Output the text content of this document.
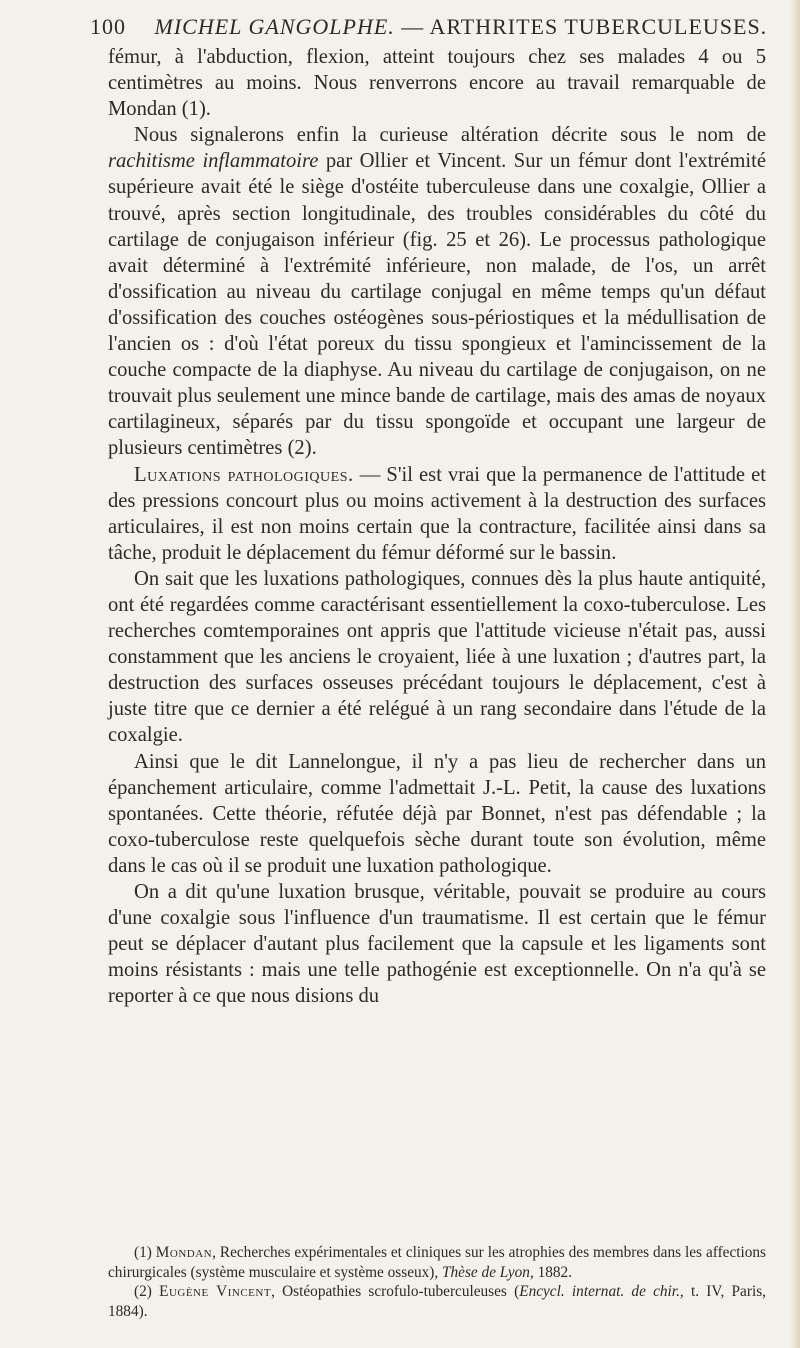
100 MICHEL GANGOLPHE. — ARTHRITES TUBERCULEUSES.

fémur, à l'abduction, flexion, atteint toujours chez ses malades 4 ou 5 centimètres au moins. Nous renverrons encore au travail remarquable de Mondan (1).

Nous signalerons enfin la curieuse altération décrite sous le nom de rachitisme inflammatoire par Ollier et Vincent. Sur un fémur dont l'extrémité supérieure avait été le siège d'ostéite tuberculeuse dans une coxalgie, Ollier a trouvé, après section longitudinale, des troubles considérables du côté du cartilage de conjugaison inférieur (fig. 25 et 26). Le processus pathologique avait déterminé à l'extrémité inférieure, non malade, de l'os, un arrêt d'ossification au niveau du cartilage conjugal en même temps qu'un défaut d'ossification des couches ostéogènes sous-périostiques et la médullisation de l'ancien os : d'où l'état poreux du tissu spongieux et l'amincissement de la couche compacte de la diaphyse. Au niveau du cartilage de conjugaison, on ne trouvait plus seulement une mince bande de cartilage, mais des amas de noyaux cartilagineux, séparés par du tissu spongoïde et occupant une largeur de plusieurs centimètres (2).

Luxations pathologiques. — S'il est vrai que la permanence de l'attitude et des pressions concourt plus ou moins activement à la destruction des surfaces articulaires, il est non moins certain que la contracture, facilitée ainsi dans sa tâche, produit le déplacement du fémur déformé sur le bassin.

On sait que les luxations pathologiques, connues dès la plus haute antiquité, ont été regardées comme caractérisant essentiellement la coxo-tuberculose. Les recherches comtemporaines ont appris que l'attitude vicieuse n'était pas, aussi constamment que les anciens le croyaient, liée à une luxation ; d'autres part, la destruction des surfaces osseuses précédant toujours le déplacement, c'est à juste titre que ce dernier a été relégué à un rang secondaire dans l'étude de la coxalgie.

Ainsi que le dit Lannelongue, il n'y a pas lieu de rechercher dans un épanchement articulaire, comme l'admettait J.-L. Petit, la cause des luxations spontanées. Cette théorie, réfutée déjà par Bonnet, n'est pas défendable ; la coxo-tuberculose reste quelquefois sèche durant toute son évolution, même dans le cas où il se produit une luxation pathologique.

On a dit qu'une luxation brusque, véritable, pouvait se produire au cours d'une coxalgie sous l'influence d'un traumatisme. Il est certain que le fémur peut se déplacer d'autant plus facilement que la capsule et les ligaments sont moins résistants : mais une telle pathogénie est exceptionnelle. On n'a qu'à se reporter à ce que nous disions du

(1) Mondan, Recherches expérimentales et cliniques sur les atrophies des membres dans les affections chirurgicales (système musculaire et système osseux), Thèse de Lyon, 1882.

(2) Eugène Vincent, Ostéopathies scrofulo-tuberculeuses (Encycl. internat. de chir., t. IV, Paris, 1884).
